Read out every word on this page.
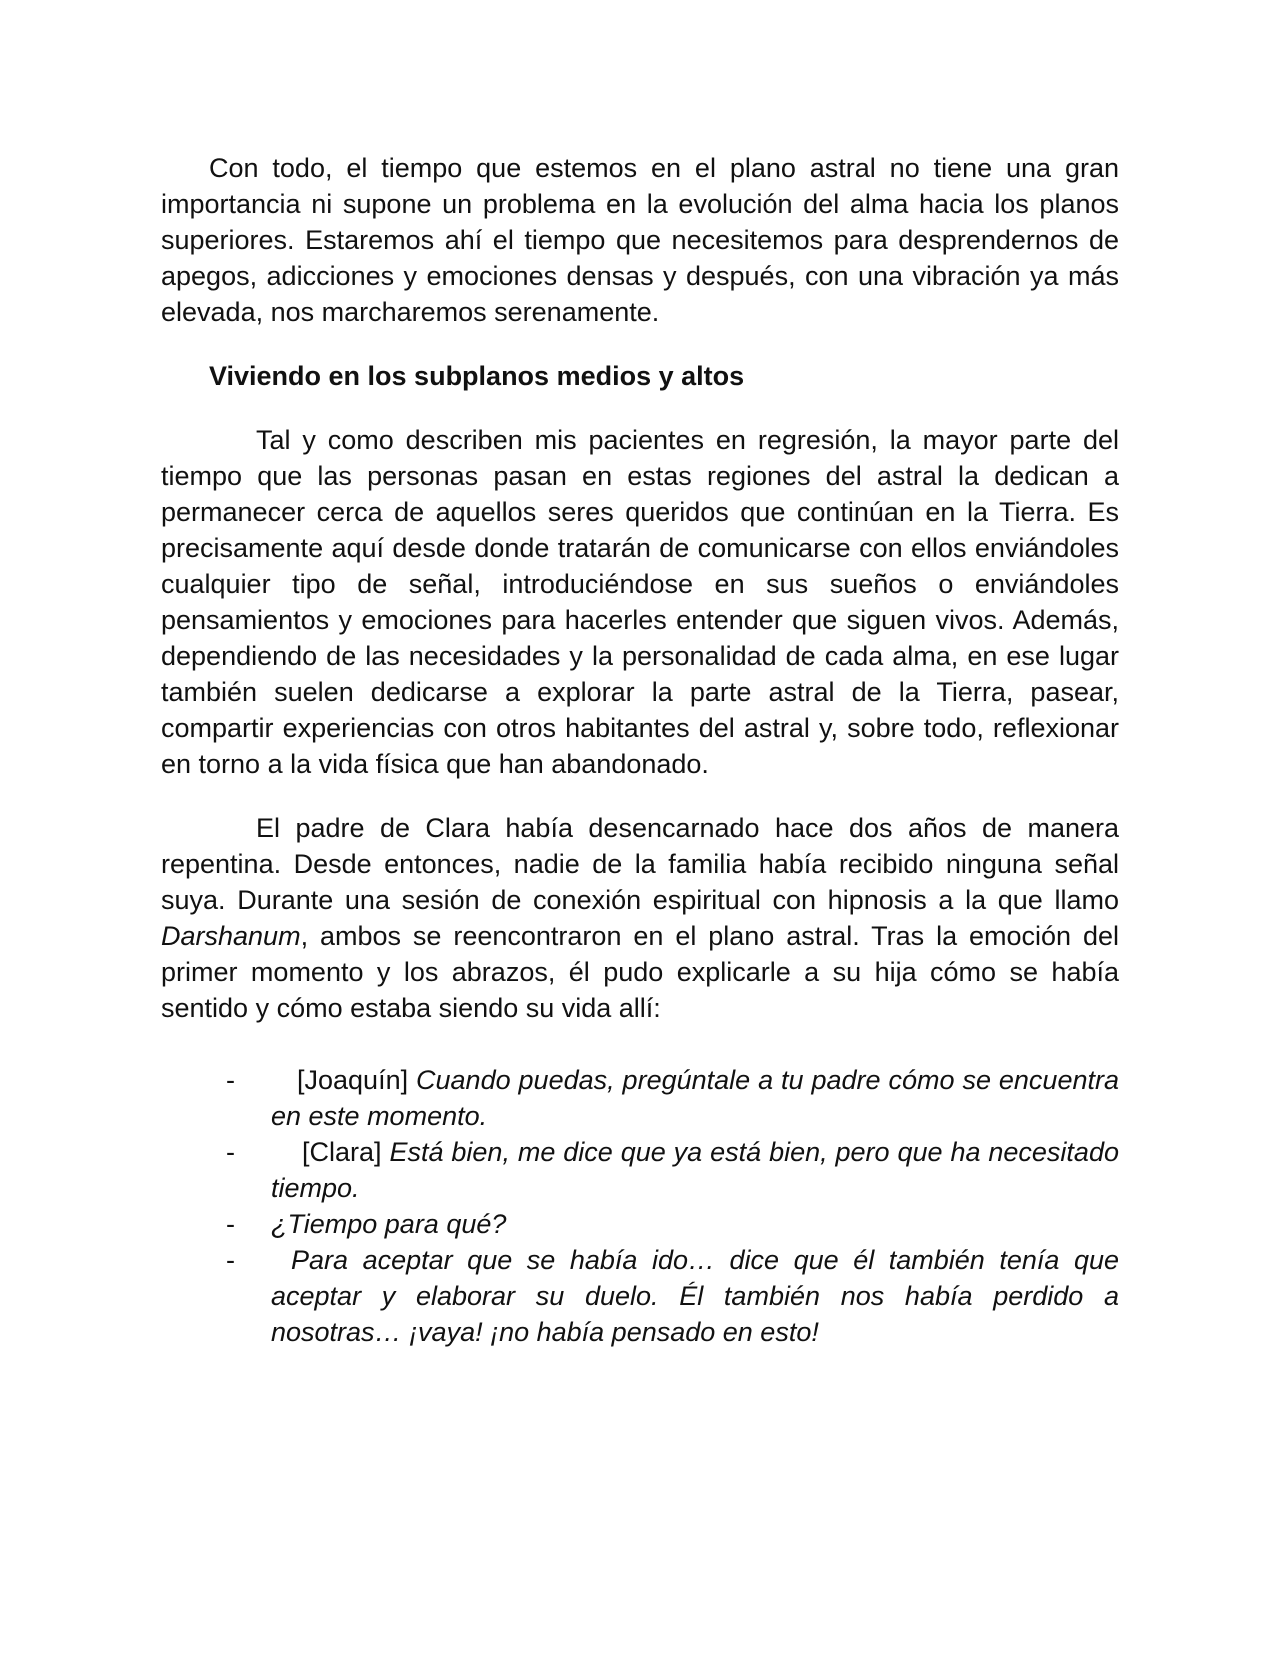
Con todo, el tiempo que estemos en el plano astral no tiene una gran importancia ni supone un problema en la evolución del alma hacia los planos superiores. Estaremos ahí el tiempo que necesitemos para desprendernos de apegos, adicciones y emociones densas y después, con una vibración ya más elevada, nos marcharemos serenamente.

Viviendo en los subplanos medios y altos

Tal y como describen mis pacientes en regresión, la mayor parte del tiempo que las personas pasan en estas regiones del astral la dedican a permanecer cerca de aquellos seres queridos que continúan en la Tierra. Es precisamente aquí desde donde tratarán de comunicarse con ellos enviándoles cualquier tipo de señal, introduciéndose en sus sueños o enviándoles pensamientos y emociones para hacerles entender que siguen vivos. Además, dependiendo de las necesidades y la personalidad de cada alma, en ese lugar también suelen dedicarse a explorar la parte astral de la Tierra, pasear, compartir experiencias con otros habitantes del astral y, sobre todo, reflexionar en torno a la vida física que han abandonado.

El padre de Clara había desencarnado hace dos años de manera repentina. Desde entonces, nadie de la familia había recibido ninguna señal suya. Durante una sesión de conexión espiritual con hipnosis a la que llamo Darshanum, ambos se reencontraron en el plano astral. Tras la emoción del primer momento y los abrazos, él pudo explicarle a su hija cómo se había sentido y cómo estaba siendo su vida allí:

- [Joaquín] Cuando puedas, pregúntale a tu padre cómo se encuentra en este momento.
- [Clara] Está bien, me dice que ya está bien, pero que ha necesitado tiempo.
- ¿Tiempo para qué?
- Para aceptar que se había ido… dice que él también tenía que aceptar y elaborar su duelo. Él también nos había perdido a nosotras… ¡vaya! ¡no había pensado en esto!
